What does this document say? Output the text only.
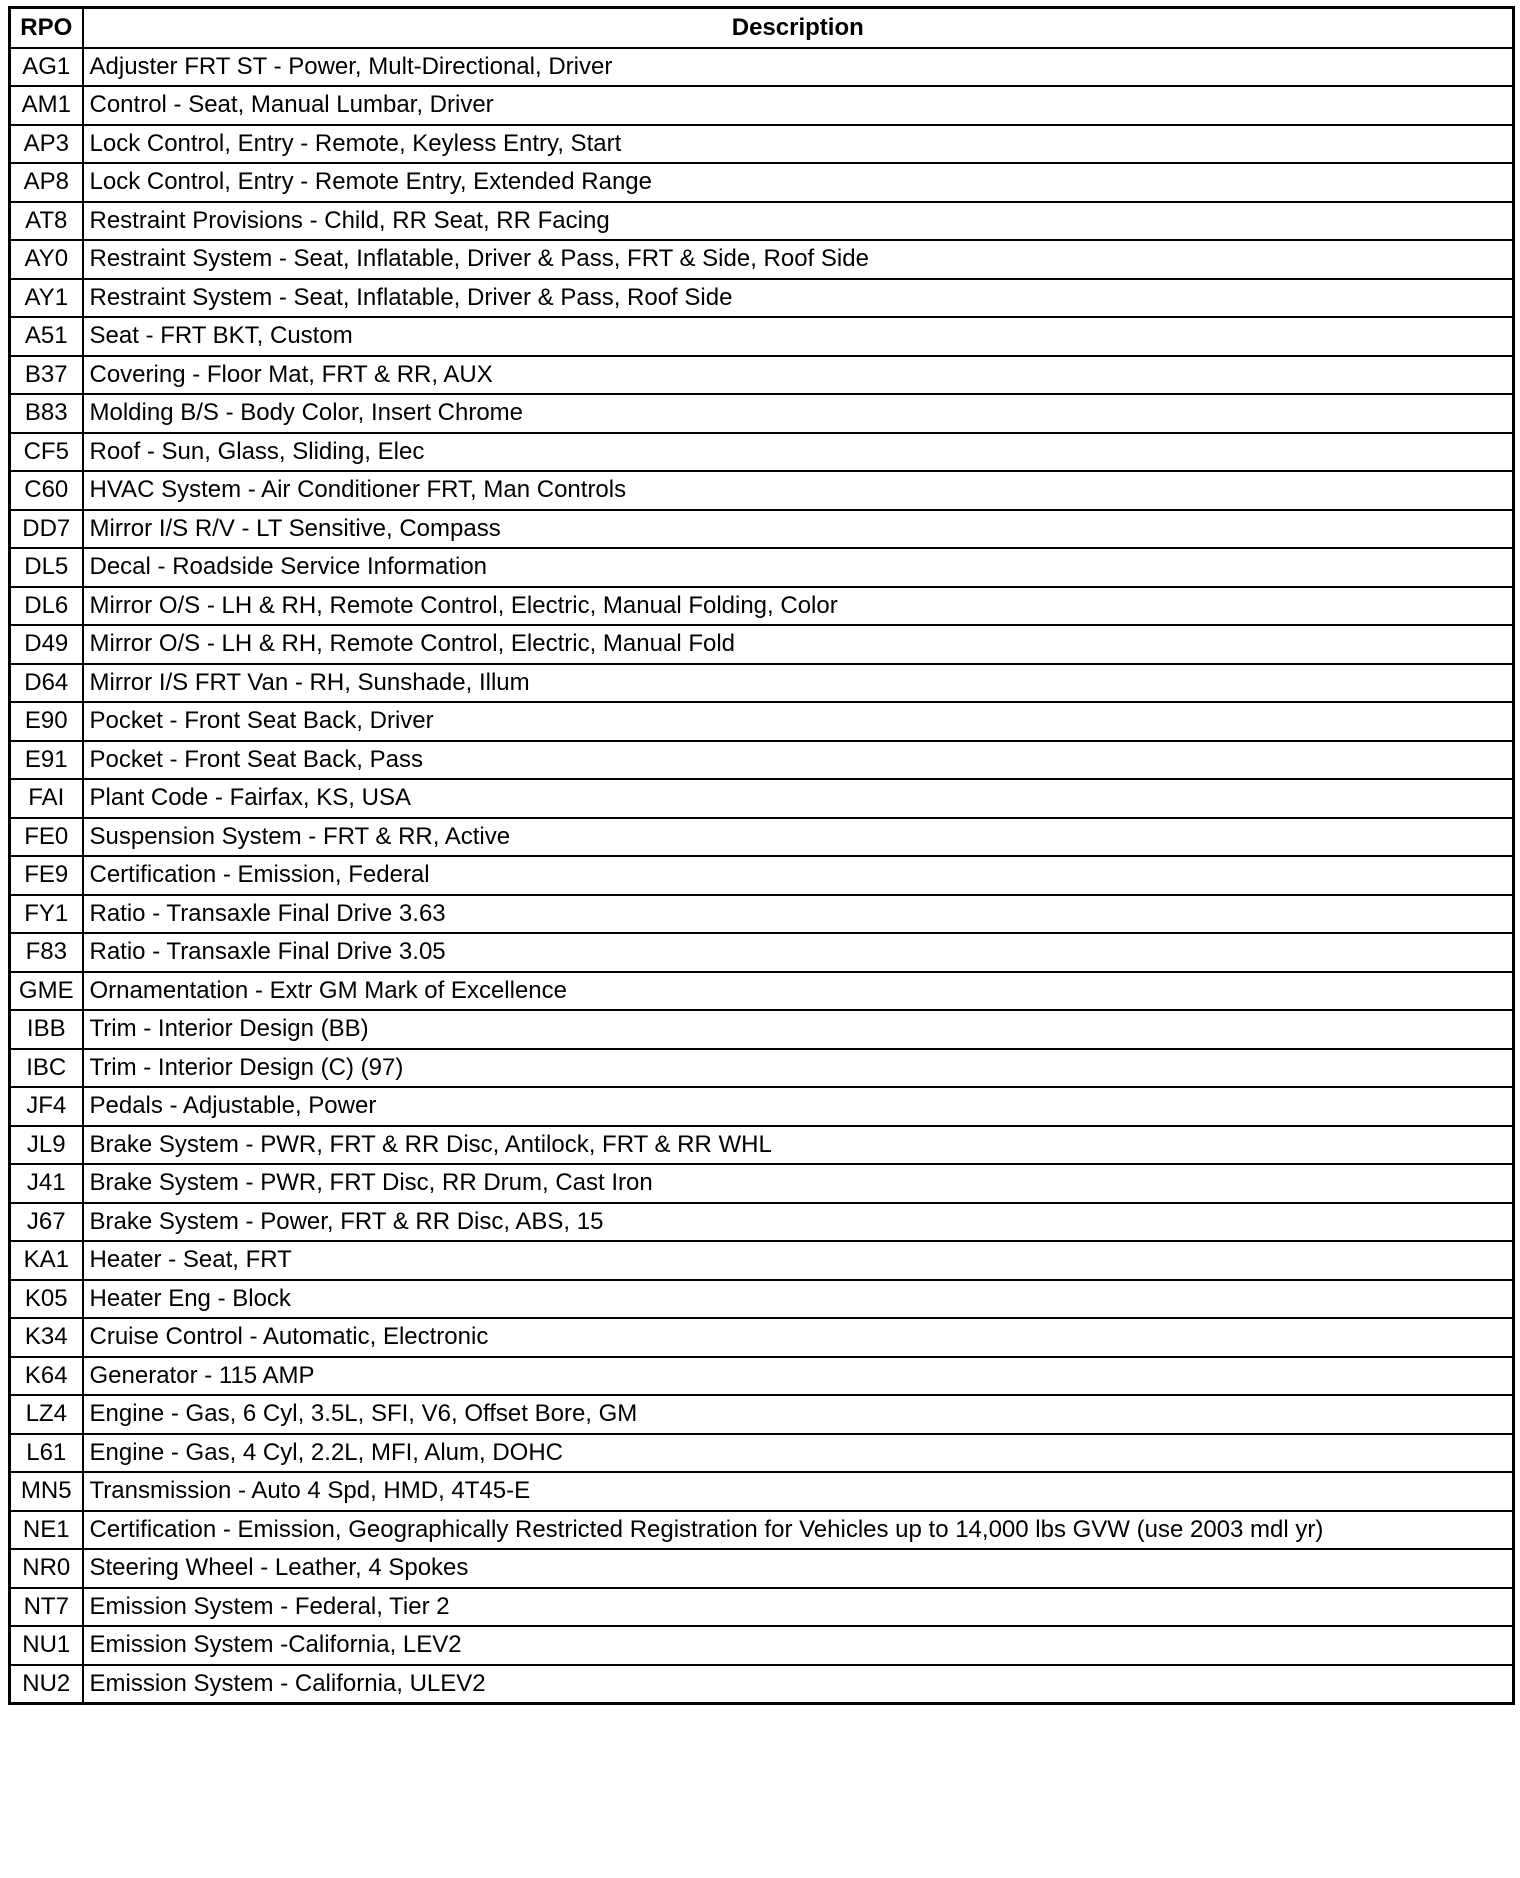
RPO	Description
AG1	Adjuster FRT ST - Power, Mult-Directional, Driver
AM1	Control - Seat, Manual Lumbar, Driver
AP3	Lock Control, Entry - Remote, Keyless Entry, Start
AP8	Lock Control, Entry - Remote Entry, Extended Range
AT8	Restraint Provisions - Child, RR Seat, RR Facing
AY0	Restraint System - Seat, Inflatable, Driver & Pass, FRT & Side, Roof Side
AY1	Restraint System - Seat, Inflatable, Driver & Pass, Roof Side
A51	Seat - FRT BKT, Custom
B37	Covering - Floor Mat, FRT & RR, AUX
B83	Molding B/S - Body Color, Insert Chrome
CF5	Roof - Sun, Glass, Sliding, Elec
C60	HVAC System - Air Conditioner FRT, Man Controls
DD7	Mirror I/S R/V - LT Sensitive, Compass
DL5	Decal - Roadside Service Information
DL6	Mirror O/S - LH & RH, Remote Control, Electric, Manual Folding, Color
D49	Mirror O/S - LH & RH, Remote Control, Electric, Manual Fold
D64	Mirror I/S FRT Van - RH, Sunshade, Illum
E90	Pocket - Front Seat Back, Driver
E91	Pocket - Front Seat Back, Pass
FAI	Plant Code - Fairfax, KS, USA
FE0	Suspension System - FRT & RR, Active
FE9	Certification - Emission, Federal
FY1	Ratio - Transaxle Final Drive 3.63
F83	Ratio - Transaxle Final Drive 3.05
GME	Ornamentation - Extr GM Mark of Excellence
IBB	Trim - Interior Design (BB)
IBC	Trim - Interior Design (C) (97)
JF4	Pedals - Adjustable, Power
JL9	Brake System - PWR, FRT & RR Disc, Antilock, FRT & RR WHL
J41	Brake System - PWR, FRT Disc, RR Drum, Cast Iron
J67	Brake System - Power, FRT & RR Disc, ABS, 15
KA1	Heater - Seat, FRT
K05	Heater Eng - Block
K34	Cruise Control - Automatic, Electronic
K64	Generator - 115 AMP
LZ4	Engine - Gas, 6 Cyl, 3.5L, SFI, V6, Offset Bore, GM
L61	Engine - Gas, 4 Cyl, 2.2L, MFI, Alum, DOHC
MN5	Transmission - Auto 4 Spd, HMD, 4T45-E
NE1	Certification - Emission, Geographically Restricted Registration for Vehicles up to 14,000 lbs GVW (use 2003 mdl yr)
NR0	Steering Wheel - Leather, 4 Spokes
NT7	Emission System - Federal, Tier 2
NU1	Emission System -California, LEV2
NU2	Emission System - California, ULEV2
